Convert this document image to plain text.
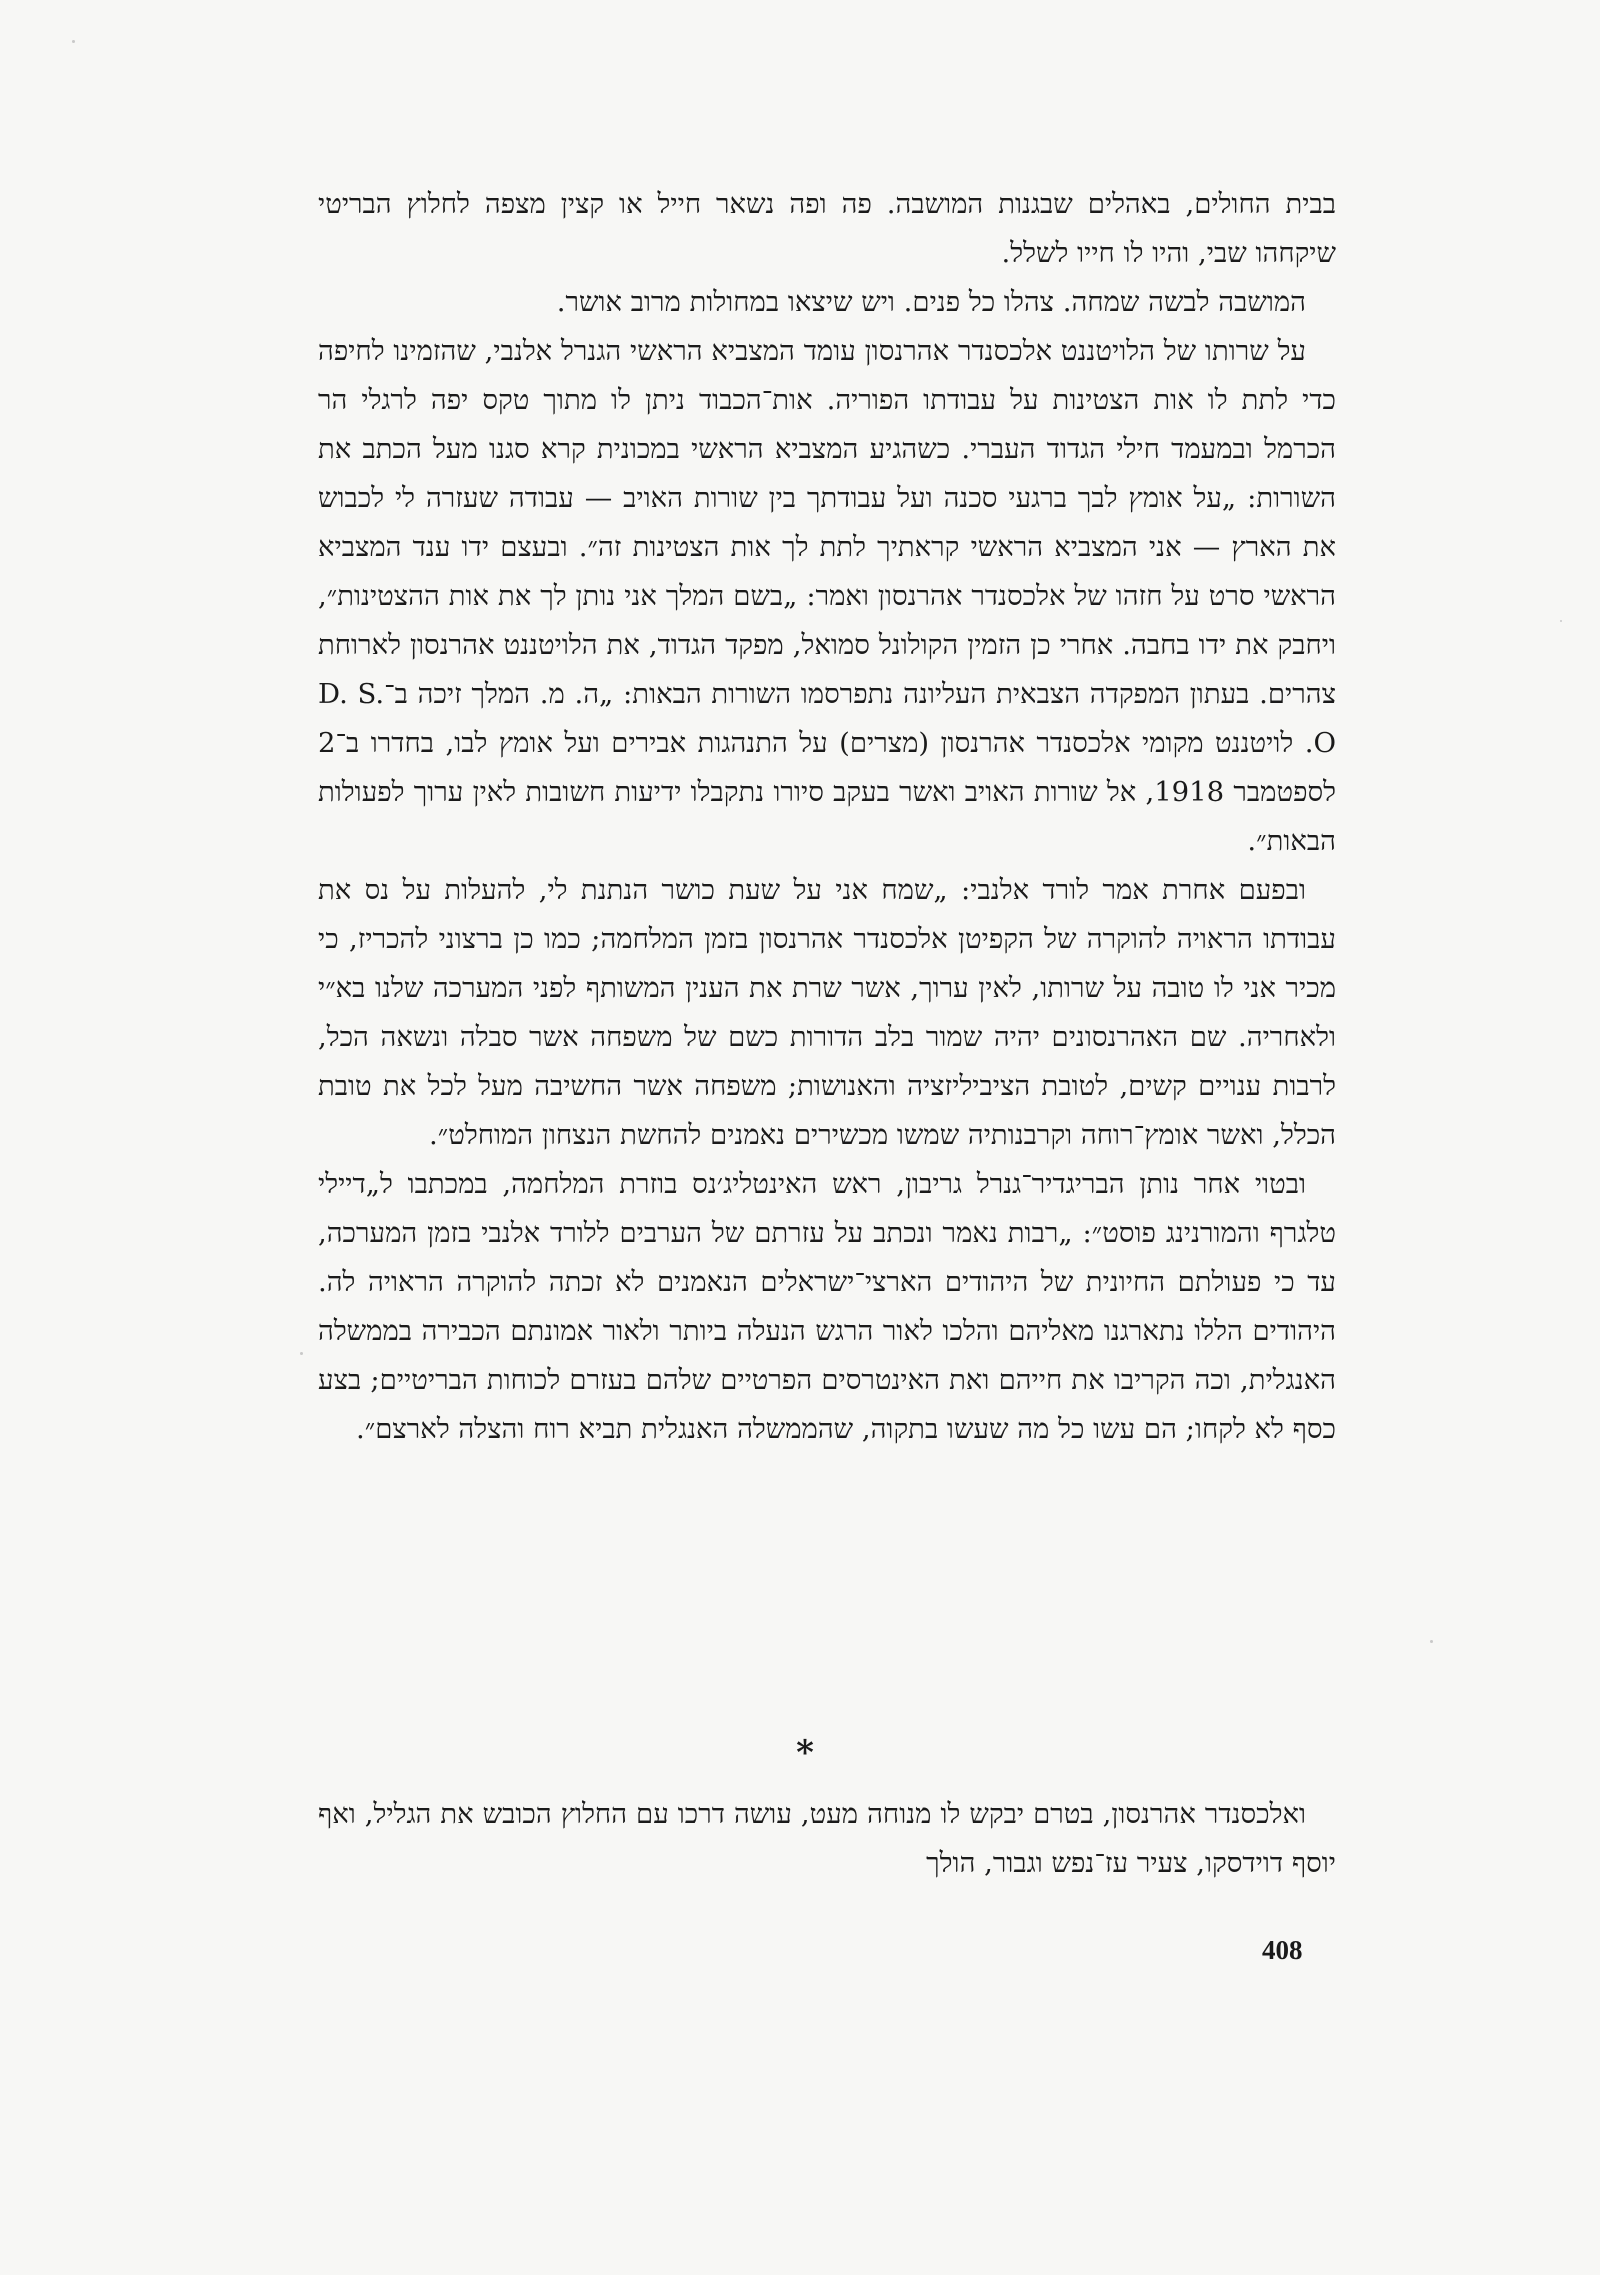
בבית החולים, באהלים שבגנות המושבה. פה ופה נשאר חייל או קצין מצפה לחלוץ הבריטי שיקחהו שבי, והיו לו חייו לשלל.

המושבה לבשה שמחה. צהלו כל פנים. ויש שיצאו במחולות מרוב אושר.

על שרותו של הלויטננט אלכסנדר אהרנסון עומד המצביא הראשי הגנרל אלנבי, שהזמינו לחיפה כדי לתת לו אות הצטינות על עבודתו הפוריה. אות־הכבוד ניתן לו מתוך טקס יפה לרגלי הר הכרמל ובמעמד חילי הגדוד העברי. כשהגיע המצביא הראשי במכונית קרא סגנו מעל הכתב את השורות: „על אומץ לבך ברגעי סכנה ועל עבודתך בין שורות האויב — עבודה שעזרה לי לכבוש את הארץ — אני המצביא הראשי קראתיך לתת לך אות הצטינות זה״. ובעצם ידו ענד המצביא הראשי סרט על חזהו של אלכסנדר אהרנסון ואמר: „בשם המלך אני נותן לך את אות ההצטינות״, ויחבק את ידו בחבה. אחרי כן הזמין הקולונל סמואל, מפקד הגדוד, את הלויטננט אהרנסון לארוחת צהרים. בעתון המפקדה הצבאית העליונה נתפרסמו השורות הבאות: „ה. מ. המלך זיכה ב־D. S. O. לויטננט מקומי אלכסנדר אהרנסון (מצרים) על התנהגות אבירים ועל אומץ לבו, בחדרו ב־2 לספטמבר 1918, אל שורות האויב ואשר בעקב סיורו נתקבלו ידיעות חשובות לאין ערוך לפעולות הבאות״.

ובפעם אחרת אמר לורד אלנבי: „שמח אני על שעת כושר הנתנת לי, להעלות על נס את עבודתו הראויה להוקרה של הקפיטן אלכסנדר אהרנסון בזמן המלחמה; כמו כן ברצוני להכריז, כי מכיר אני לו טובה על שרותו, לאין ערוך, אשר שרת את הענין המשותף לפני המערכה שלנו בא״י ולאחריה. שם האהרנסונים יהיה שמור בלב הדורות כשם של משפחה אשר סבלה ונשאה הכל, לרבות ענויים קשים, לטובת הציביליזציה והאנושות; משפחה אשר החשיבה מעל לכל את טובת הכלל, ואשר אומץ־רוחה וקרבנותיה שמשו מכשירים נאמנים להחשת הנצחון המוחלט״.

ובטוי אחר נותן הבריגדיר־גנרל גריבון, ראש האינטליג׳נס בוזרת המלחמה, במכתבו ל„דיילי טלגרף והמורנינג פוסט״: „רבות נאמר ונכתב על עזרתם של הערבים ללורד אלנבי בזמן המערכה, עד כי פעולתם החיונית של היהודים הארצי־ישראלים הנאמנים לא זכתה להוקרה הראויה לה. היהודים הללו נתארגנו מאליהם והלכו לאור הרגש הנעלה ביותר ולאור אמונתם הכבירה בממשלה האנגלית, וכה הקריבו את חייהם ואת האינטרסים הפרטיים שלהם בעזרם לכוחות הבריטיים; בצע כסף לא לקחו; הם עשו כל מה שעשו בתקוה, שהממשלה האנגלית תביא רוח והצלה לארצם״.

*

ואלכסנדר אהרנסון, בטרם יבקש לו מנוחה מעט, עושה דרכו עם החלוץ הכובש את הגליל, ואף יוסף דוידסקו, צעיר עז־נפש וגבור, הולך

408
